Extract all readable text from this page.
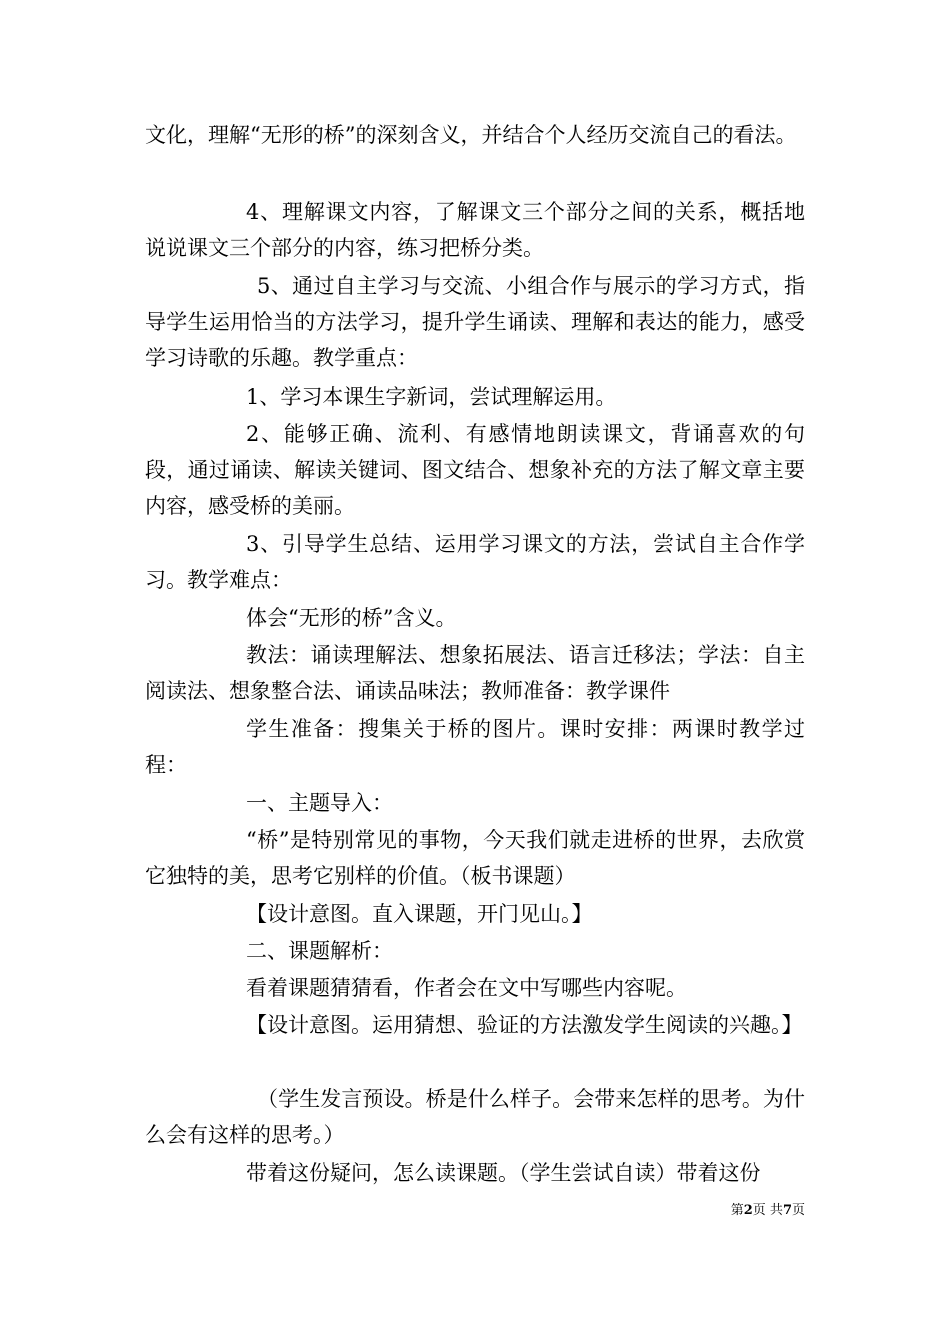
文化，理解“无形的桥”的深刻含义，并结合个人经历交流自己的看法。

4、理解课文内容，了解课文三个部分之间的关系，概括地说说课文三个部分的内容，练习把桥分类。

5、通过自主学习与交流、小组合作与展示的学习方式，指导学生运用恰当的方法学习，提升学生诵读、理解和表达的能力，感受学习诗歌的乐趣。教学重点：

1、学习本课生字新词，尝试理解运用。

2、能够正确、流利、有感情地朗读课文，背诵喜欢的句段，通过诵读、解读关键词、图文结合、想象补充的方法了解文章主要内容，感受桥的美丽。

3、引导学生总结、运用学习课文的方法，尝试自主合作学习。教学难点：

体会“无形的桥”含义。

教法：诵读理解法、想象拓展法、语言迁移法；学法：自主阅读法、想象整合法、诵读品味法；教师准备：教学课件

学生准备：搜集关于桥的图片。课时安排：两课时教学过程：

一、主题导入：

“桥”是特别常见的事物，今天我们就走进桥的世界，去欣赏它独特的美，思考它别样的价值。（板书课题）

【设计意图。直入课题，开门见山。】

二、课题解析：

看着课题猜猜看，作者会在文中写哪些内容呢。

【设计意图。运用猜想、验证的方法激发学生阅读的兴趣。】

（学生发言预设。桥是什么样子。会带来怎样的思考。为什么会有这样的思考。）

带着这份疑问，怎么读课题。（学生尝试自读）带着这份

第2页 共7页
